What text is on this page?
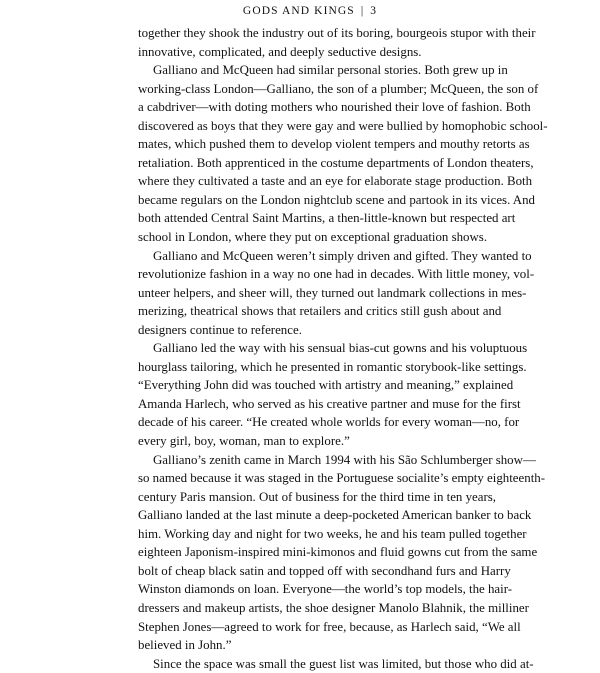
GODS AND KINGS | 3
together they shook the industry out of its boring, bourgeois stupor with their
innovative, complicated, and deeply seductive designs.
Galliano and McQueen had similar personal stories. Both grew up in
working-class London—Galliano, the son of a plumber; McQueen, the son of
a cabdriver—with doting mothers who nourished their love of fashion. Both
discovered as boys that they were gay and were bullied by homophobic school-
mates, which pushed them to develop violent tempers and mouthy retorts as
retaliation. Both apprenticed in the costume departments of London theaters,
where they cultivated a taste and an eye for elaborate stage production. Both
became regulars on the London nightclub scene and partook in its vices. And
both attended Central Saint Martins, a then-little-known but respected art
school in London, where they put on exceptional graduation shows.
Galliano and McQueen weren’t simply driven and gifted. They wanted to
revolutionize fashion in a way no one had in decades. With little money, vol-
unteer helpers, and sheer will, they turned out landmark collections in mes-
merizing, theatrical shows that retailers and critics still gush about and
designers continue to reference.
Galliano led the way with his sensual bias-cut gowns and his voluptuous
hourglass tailoring, which he presented in romantic storybook-like settings.
“Everything John did was touched with artistry and meaning,” explained
Amanda Harlech, who served as his creative partner and muse for the first
decade of his career. “He created whole worlds for every woman—no, for
every girl, boy, woman, man to explore.”
Galliano’s zenith came in March 1994 with his São Schlumberger show—
so named because it was staged in the Portuguese socialite’s empty eighteenth-
century Paris mansion. Out of business for the third time in ten years,
Galliano landed at the last minute a deep-pocketed American banker to back
him. Working day and night for two weeks, he and his team pulled together
eighteen Japonism-inspired mini-kimonos and fluid gowns cut from the same
bolt of cheap black satin and topped off with secondhand furs and Harry
Winston diamonds on loan. Everyone—the world’s top models, the hair-
dressers and makeup artists, the shoe designer Manolo Blahnik, the milliner
Stephen Jones—agreed to work for free, because, as Harlech said, “We all
believed in John.”
Since the space was small the guest list was limited, but those who did at-
